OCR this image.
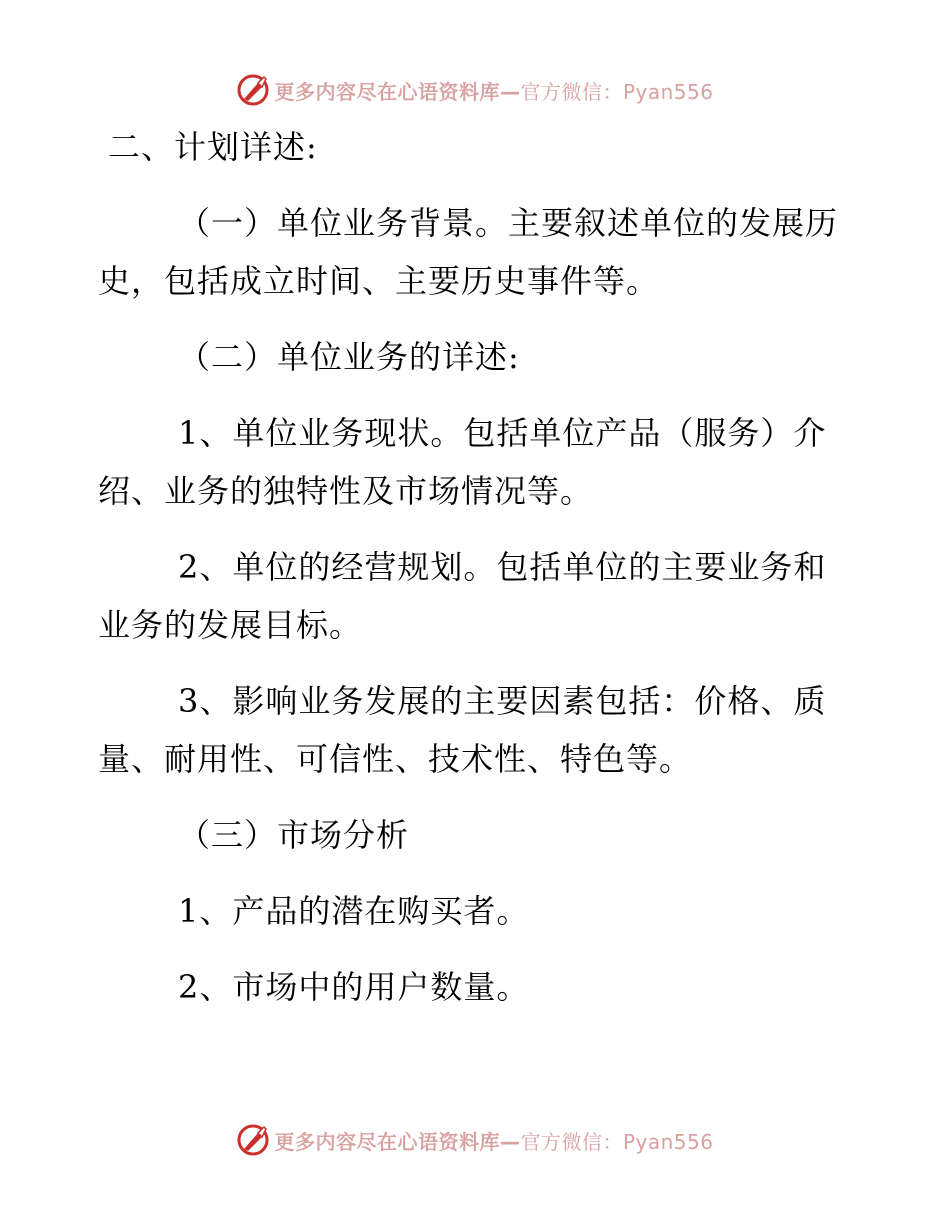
更多内容尽在心语资料库—官方微信：Pyan556
二、计划详述:
（一）单位业务背景。主要叙述单位的发展历
史，包括成立时间、主要历史事件等。
（二）单位业务的详述:
1、单位业务现状。包括单位产品（服务）介
绍、业务的独特性及市场情况等。
2、单位的经营规划。包括单位的主要业务和
业务的发展目标。
3、影响业务发展的主要因素包括：价格、质
量、耐用性、可信性、技术性、特色等。
（三）市场分析
1、产品的潜在购买者。
2、市场中的用户数量。
更多内容尽在心语资料库—官方微信：Pyan556
